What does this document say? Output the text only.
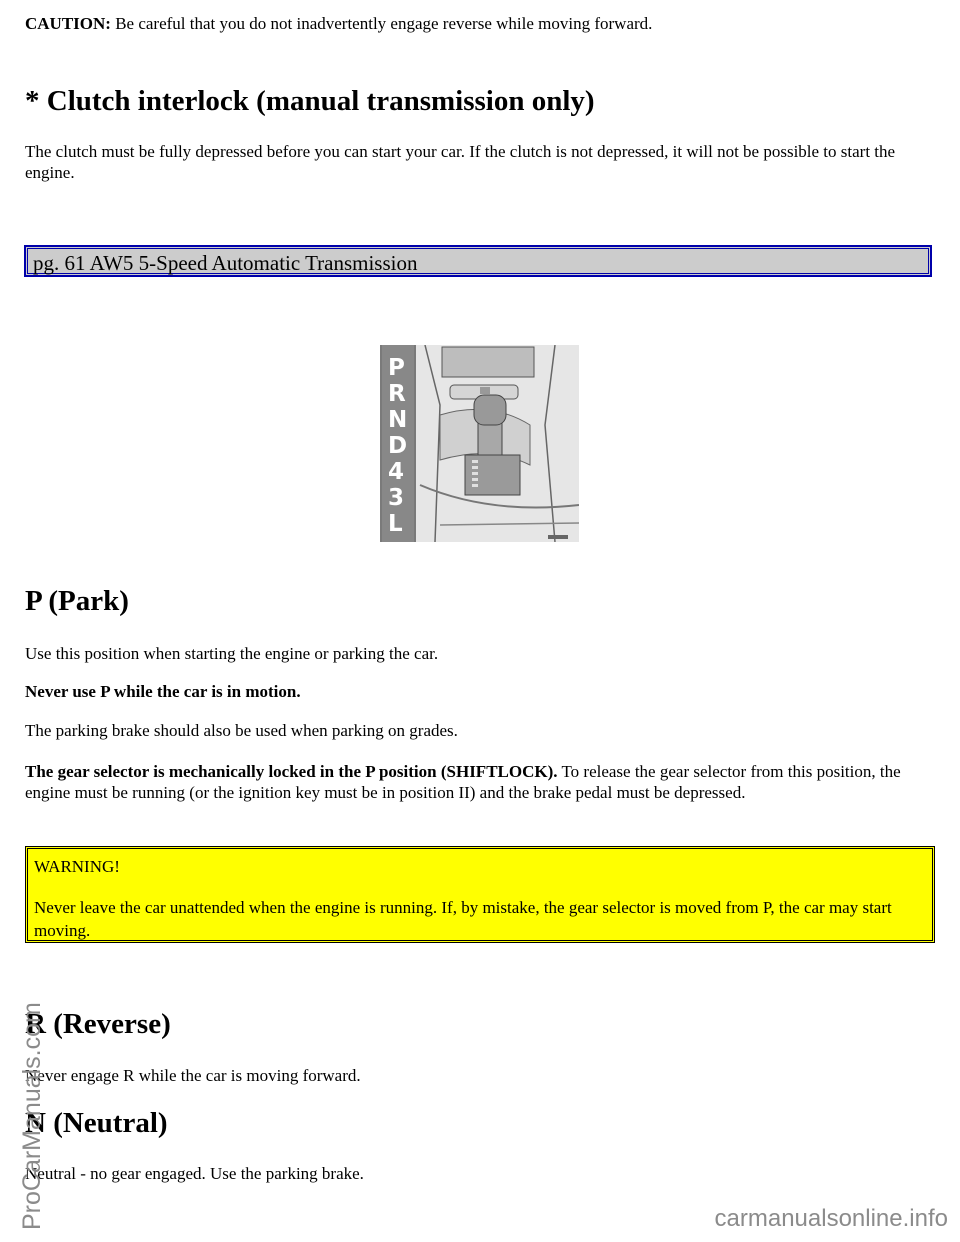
CAUTION: Be careful that you do not inadvertently engage reverse while moving forward.

* Clutch interlock (manual transmission only)

The clutch must be fully depressed before you can start your car. If the clutch is not depressed, it will not be possible to start the engine.

pg. 61 AW5 5-Speed Automatic Transmission
P
R
N
D
4
3
L
P (Park)

Use this position when starting the engine or parking the car.

Never use P while the car is in motion.

The parking brake should also be used when parking on grades.

The gear selector is mechanically locked in the P position (SHIFTLOCK). To release the gear selector from this position, the engine must be running (or the ignition key must be in position II) and the brake pedal must be depressed.

WARNING!
Never leave the car unattended when the engine is running. If, by mistake, the gear selector is moved from P, the car may start moving.
R (Reverse)

Never engage R while the car is moving forward.

N (Neutral)

Neutral - no gear engaged. Use the parking brake.

ProCarManuals.com	carmanualsonline.info
